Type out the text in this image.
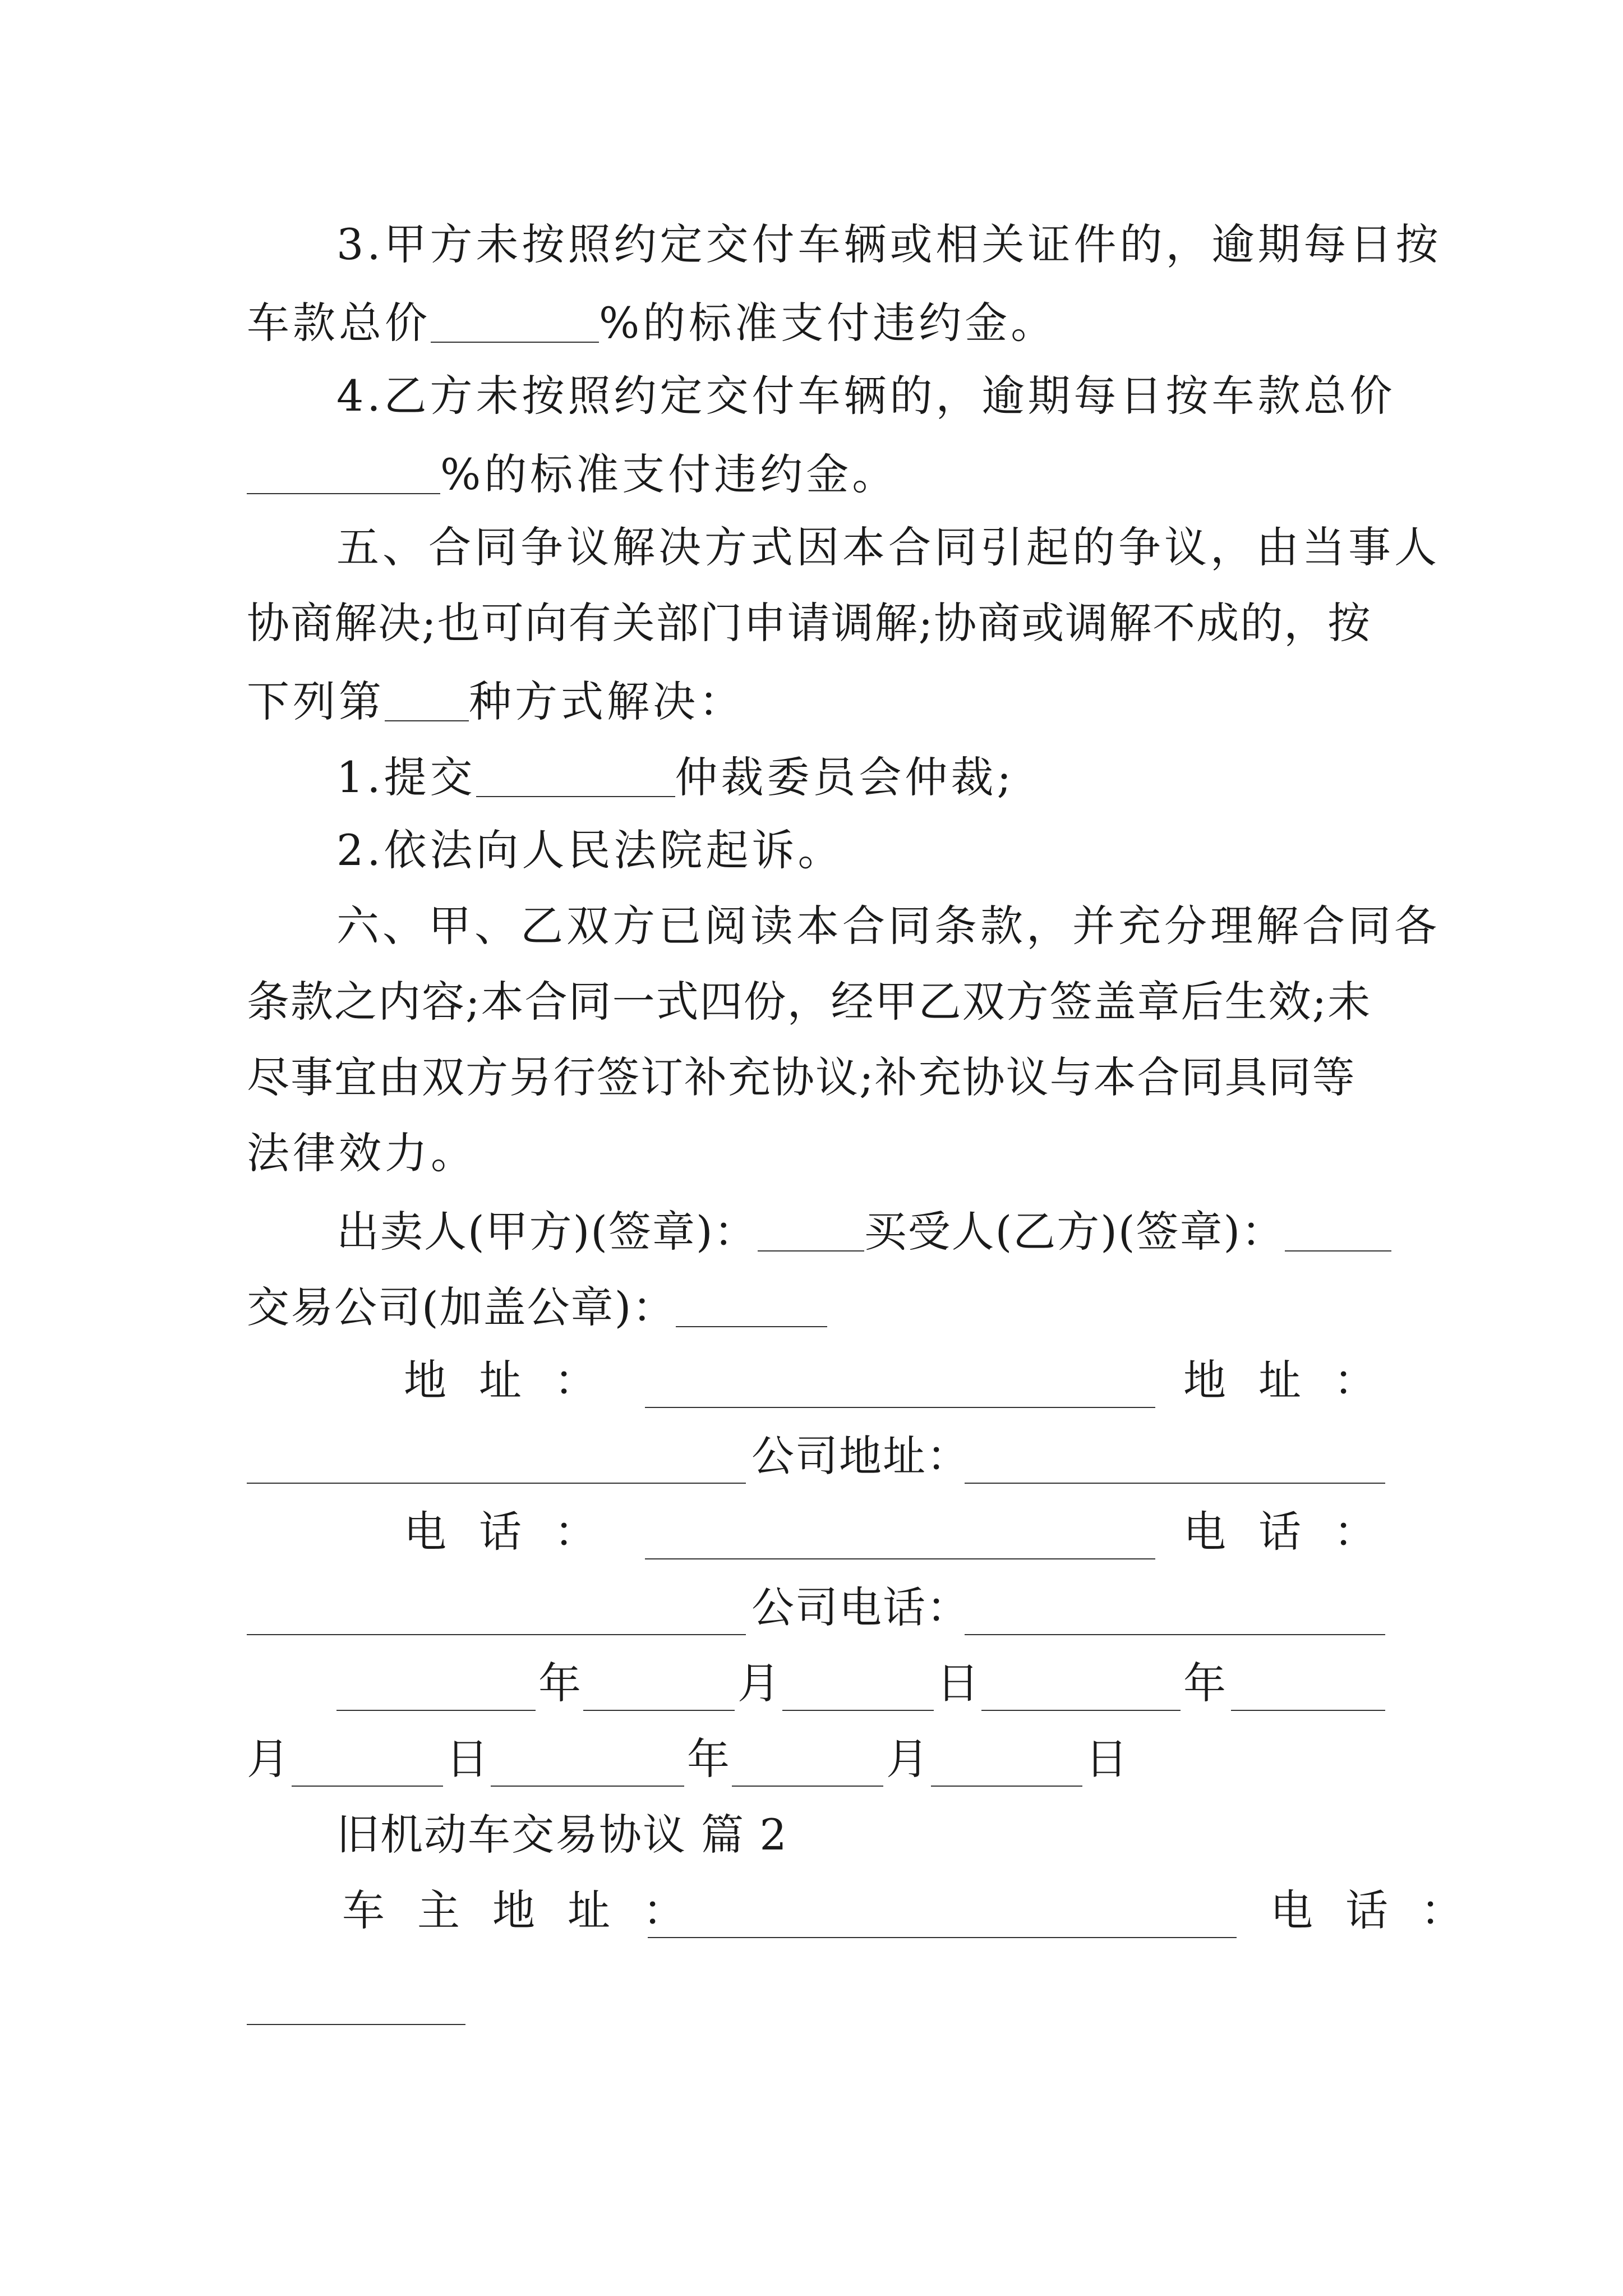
3.甲方未按照约定交付车辆或相关证件的，逾期每日按
车款总价	%的标准支付违约金。
4.乙方未按照约定交付车辆的，逾期每日按车款总价
%的标准支付违约金。
五、合同争议解决方式因本合同引起的争议，由当事人
协商解决;也可向有关部门申请调解;协商或调解不成的，按
下列第 种方式解决：
1.提交	仲裁委员会仲裁;
2.依法向人民法院起诉。
六、甲、乙双方已阅读本合同条款，并充分理解合同各
条款之内容;本合同一式四份，经甲乙双方签盖章后生效;未
尽事宜由双方另行签订补充协议;补充协议与本合同具同等
法律效力。
出卖人(甲方)(签章)：	买受人(乙方)(签章)：
交易公司(加盖公章)：
地址：	地址：
公司地址：
电话：	电话：
公司电话：
年	月	日	年
月	日	年	月	日
旧机动车交易协议 篇 2
车主地址：	电话：
